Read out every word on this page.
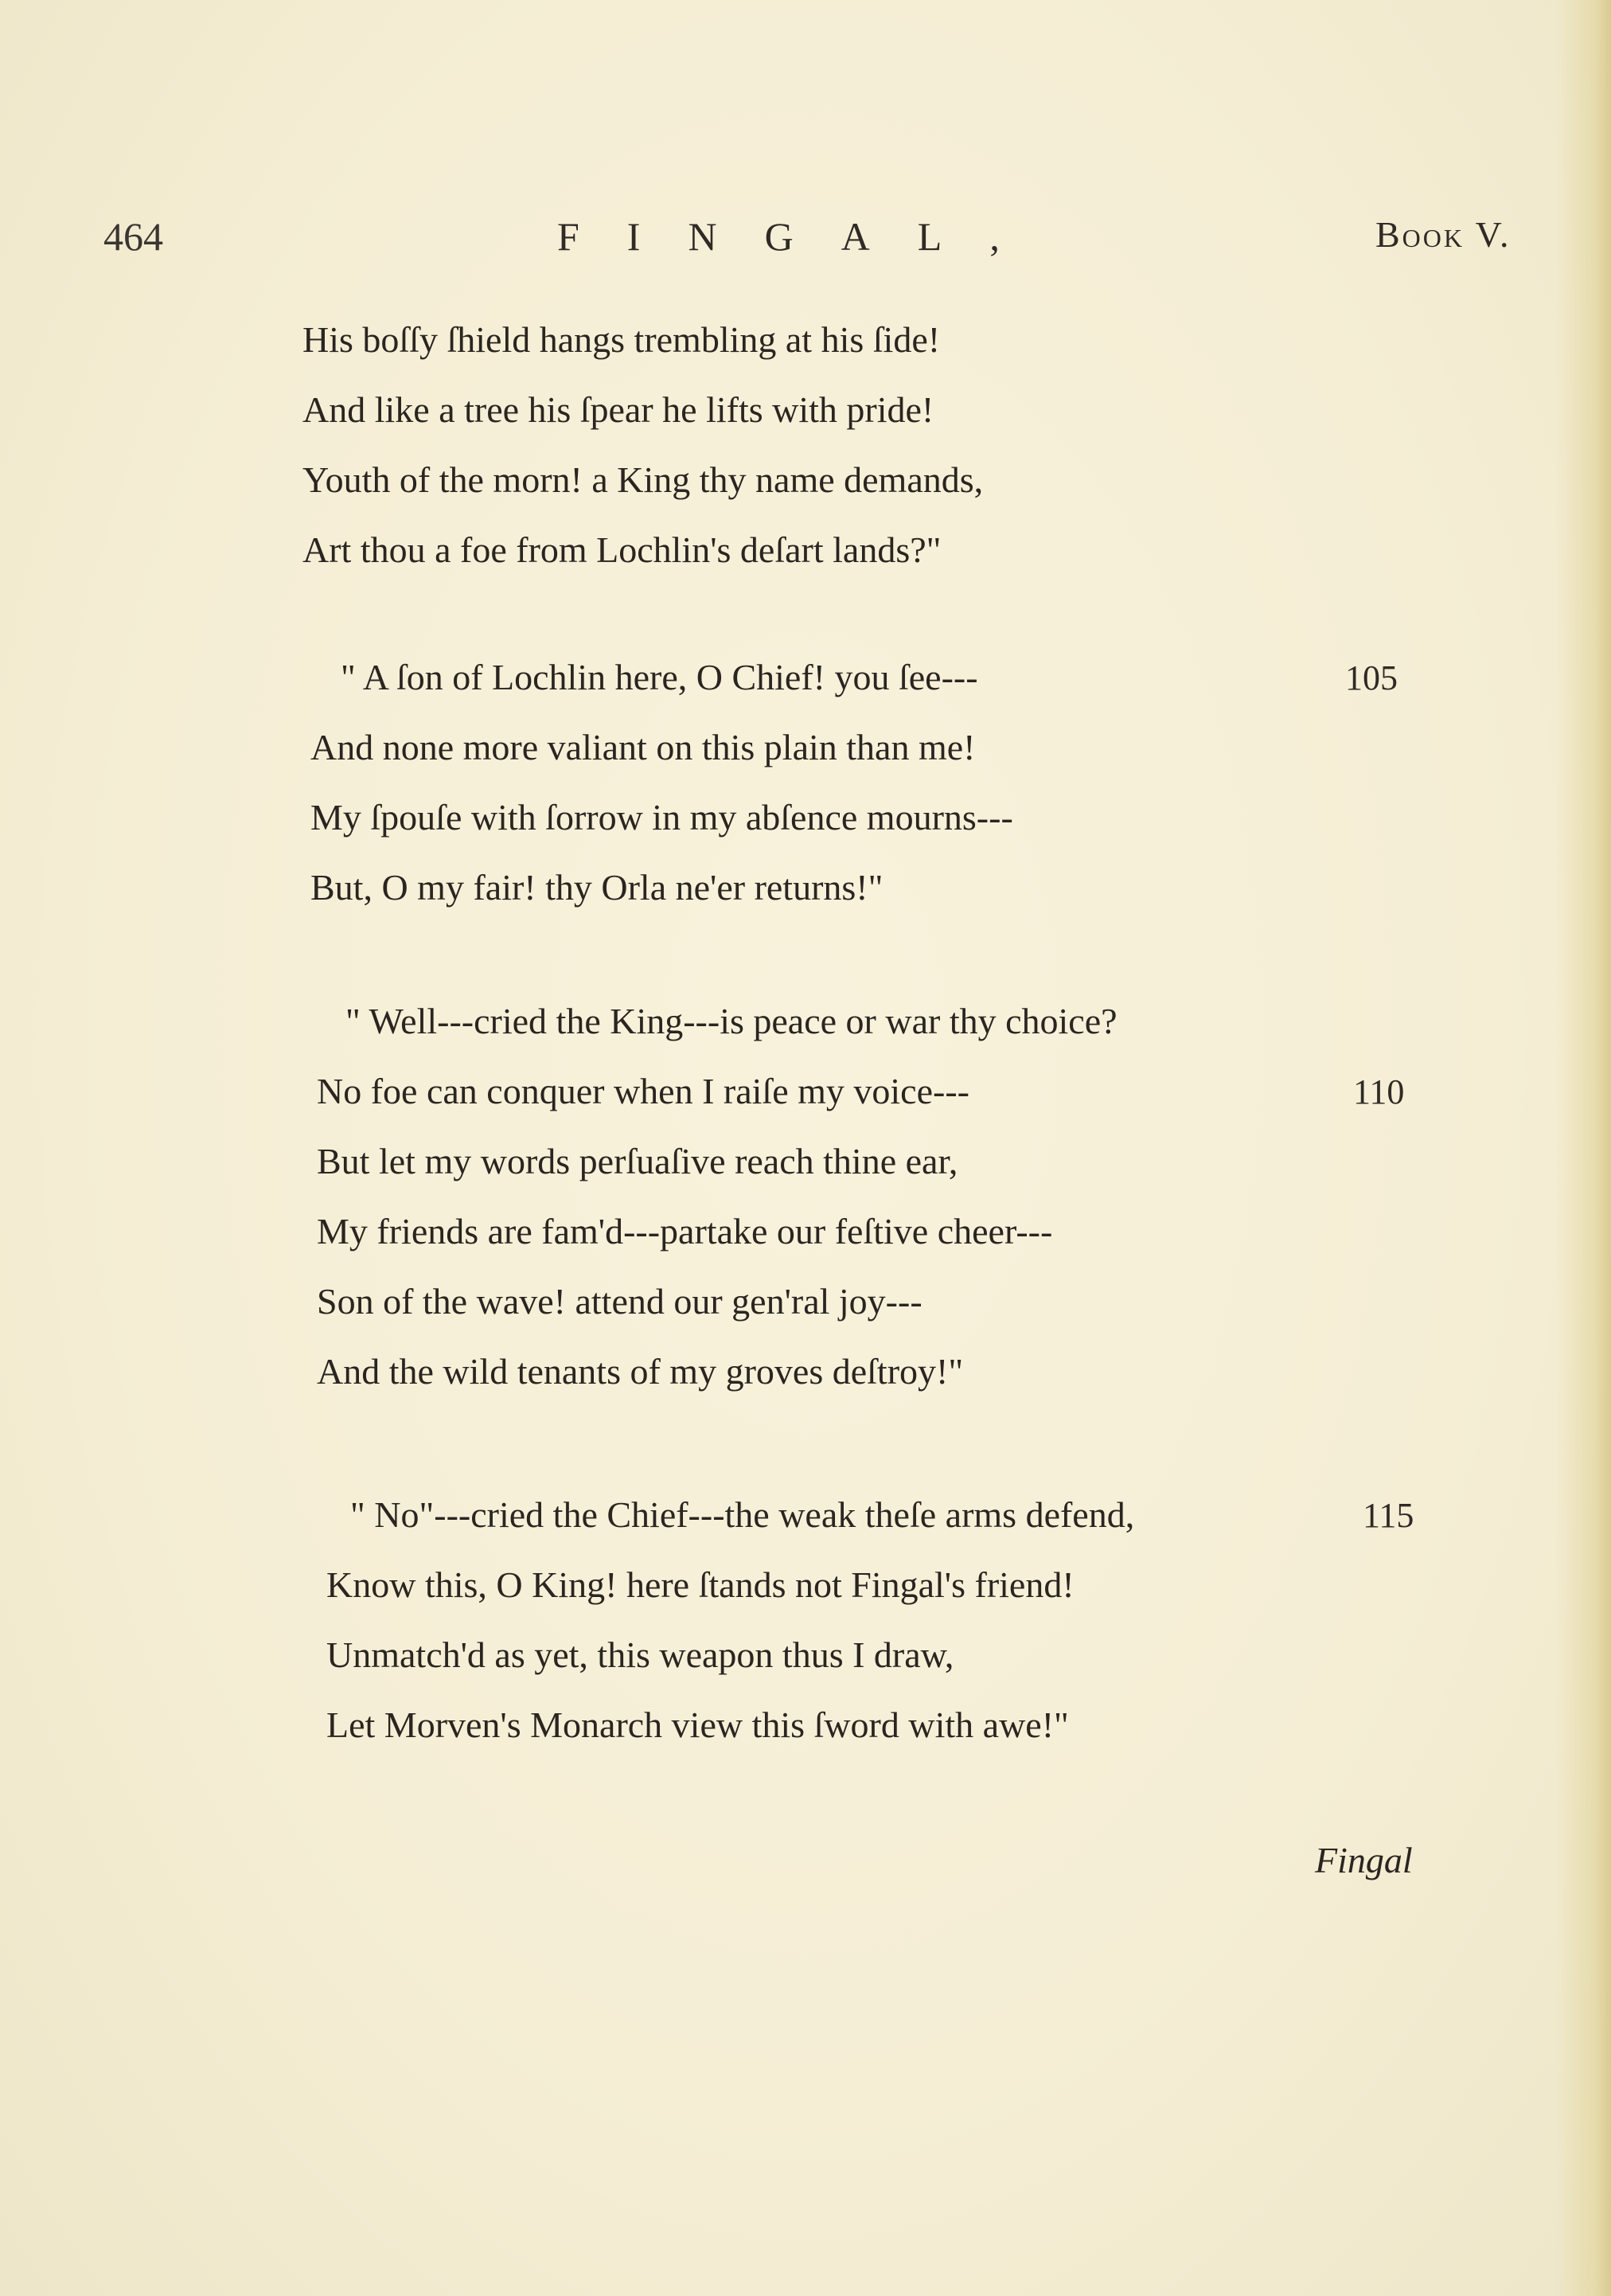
464	FINGAL,	Book V.
His boſſy ſhield hangs trembling at his ſide!
And like a tree his ſpear he lifts with pride!
Youth of the morn! a King thy name demands,
Art thou a foe from Lochlin's deſart lands?"
" A ſon of Lochlin here, O Chief! you ſee---	105
And none more valiant on this plain than me!
My ſpouſe with ſorrow in my abſence mourns---
But, O my fair! thy Orla ne'er returns!"
" Well---cried the King---is peace or war thy choice?
No foe can conquer when I raiſe my voice---	110
But let my words perſuaſive reach thine ear,
My friends are fam'd---partake our feſtive cheer---
Son of the wave! attend our gen'ral joy---
And the wild tenants of my groves deſtroy!"
" No"---cried the Chief---the weak theſe arms defend,	115
Know this, O King! here ſtands not Fingal's friend!
Unmatch'd as yet, this weapon thus I draw,
Let Morven's Monarch view this ſword with awe!"
Fingal
